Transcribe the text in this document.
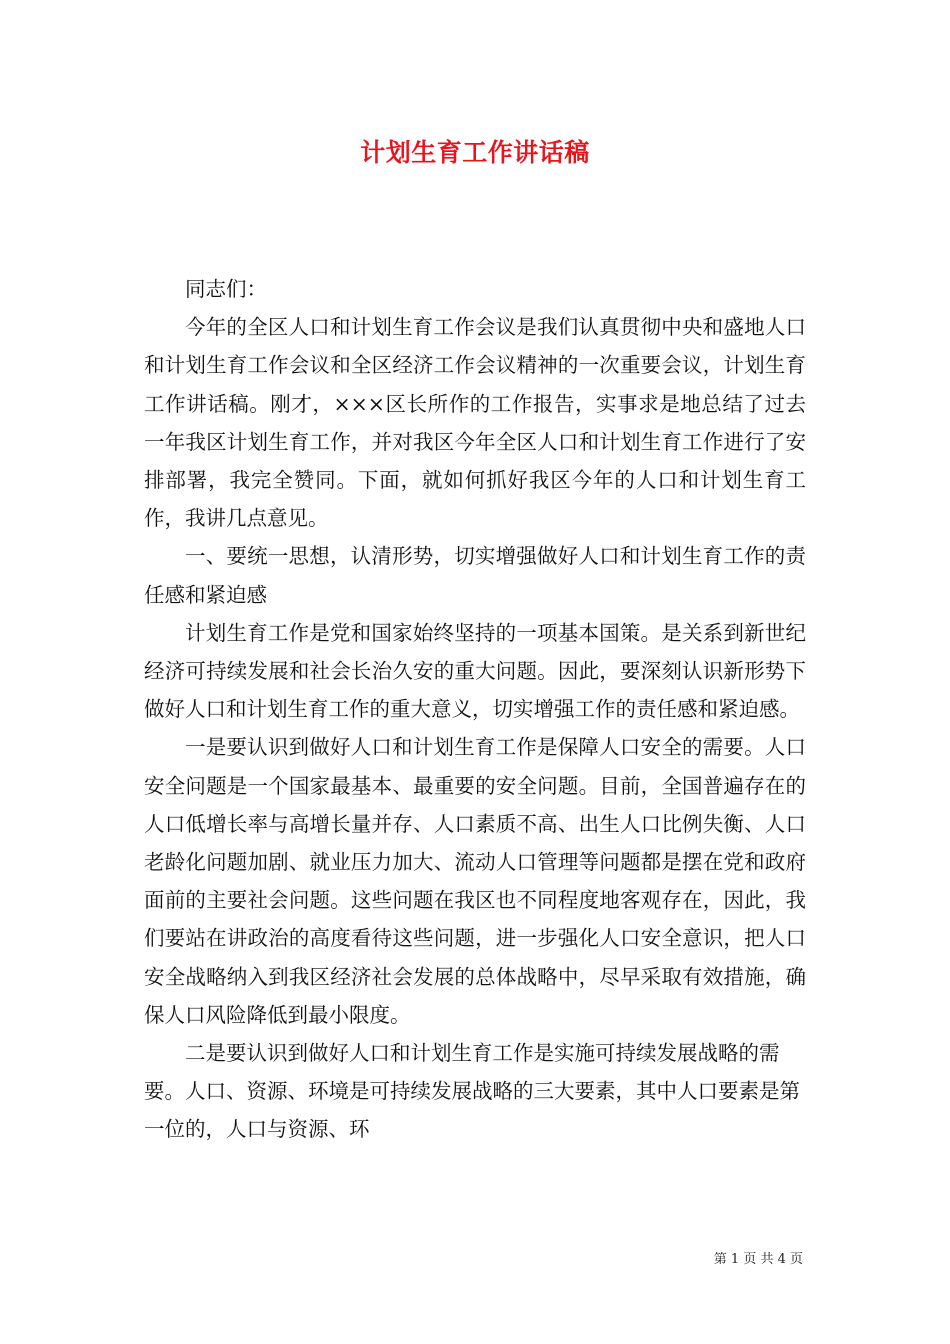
计划生育工作讲话稿

同志们：

今年的全区人口和计划生育工作会议是我们认真贯彻中央和盛地人口和计划生育工作会议和全区经济工作会议精神的一次重要会议，计划生育工作讲话稿。刚才，×××区长所作的工作报告，实事求是地总结了过去一年我区计划生育工作，并对我区今年全区人口和计划生育工作进行了安排部署，我完全赞同。下面，就如何抓好我区今年的人口和计划生育工作，我讲几点意见。

一、要统一思想，认清形势，切实增强做好人口和计划生育工作的责任感和紧迫感

计划生育工作是党和国家始终坚持的一项基本国策。是关系到新世纪经济可持续发展和社会长治久安的重大问题。因此，要深刻认识新形势下做好人口和计划生育工作的重大意义，切实增强工作的责任感和紧迫感。

一是要认识到做好人口和计划生育工作是保障人口安全的需要。人口安全问题是一个国家最基本、最重要的安全问题。目前，全国普遍存在的人口低增长率与高增长量并存、人口素质不高、出生人口比例失衡、人口老龄化问题加剧、就业压力加大、流动人口管理等问题都是摆在党和政府面前的主要社会问题。这些问题在我区也不同程度地客观存在，因此，我们要站在讲政治的高度看待这些问题，进一步强化人口安全意识，把人口安全战略纳入到我区经济社会发展的总体战略中，尽早采取有效措施，确保人口风险降低到最小限度。

二是要认识到做好人口和计划生育工作是实施可持续发展战略的需要。人口、资源、环境是可持续发展战略的三大要素，其中人口要素是第一位的，人口与资源、环

第 1 页 共 4 页
